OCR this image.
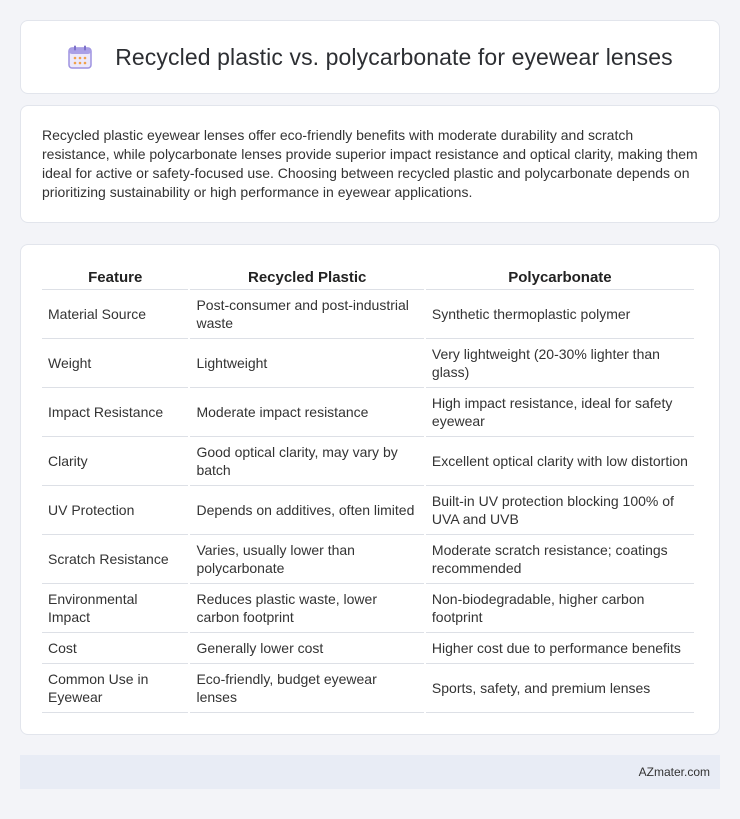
Recycled plastic vs. polycarbonate for eyewear lenses

Recycled plastic eyewear lenses offer eco-friendly benefits with moderate durability and scratch resistance, while polycarbonate lenses provide superior impact resistance and optical clarity, making them ideal for active or safety-focused use. Choosing between recycled plastic and polycarbonate depends on prioritizing sustainability or high performance in eyewear applications.

Feature	Recycled Plastic	Polycarbonate
Material Source	Post-consumer and post-industrial waste	Synthetic thermoplastic polymer
Weight	Lightweight	Very lightweight (20-30% lighter than glass)
Impact Resistance	Moderate impact resistance	High impact resistance, ideal for safety eyewear
Clarity	Good optical clarity, may vary by batch	Excellent optical clarity with low distortion
UV Protection	Depends on additives, often limited	Built-in UV protection blocking 100% of UVA and UVB
Scratch Resistance	Varies, usually lower than polycarbonate	Moderate scratch resistance; coatings recommended
Environmental Impact	Reduces plastic waste, lower carbon footprint	Non-biodegradable, higher carbon footprint
Cost	Generally lower cost	Higher cost due to performance benefits
Common Use in Eyewear	Eco-friendly, budget eyewear lenses	Sports, safety, and premium lenses
AZmater.com
